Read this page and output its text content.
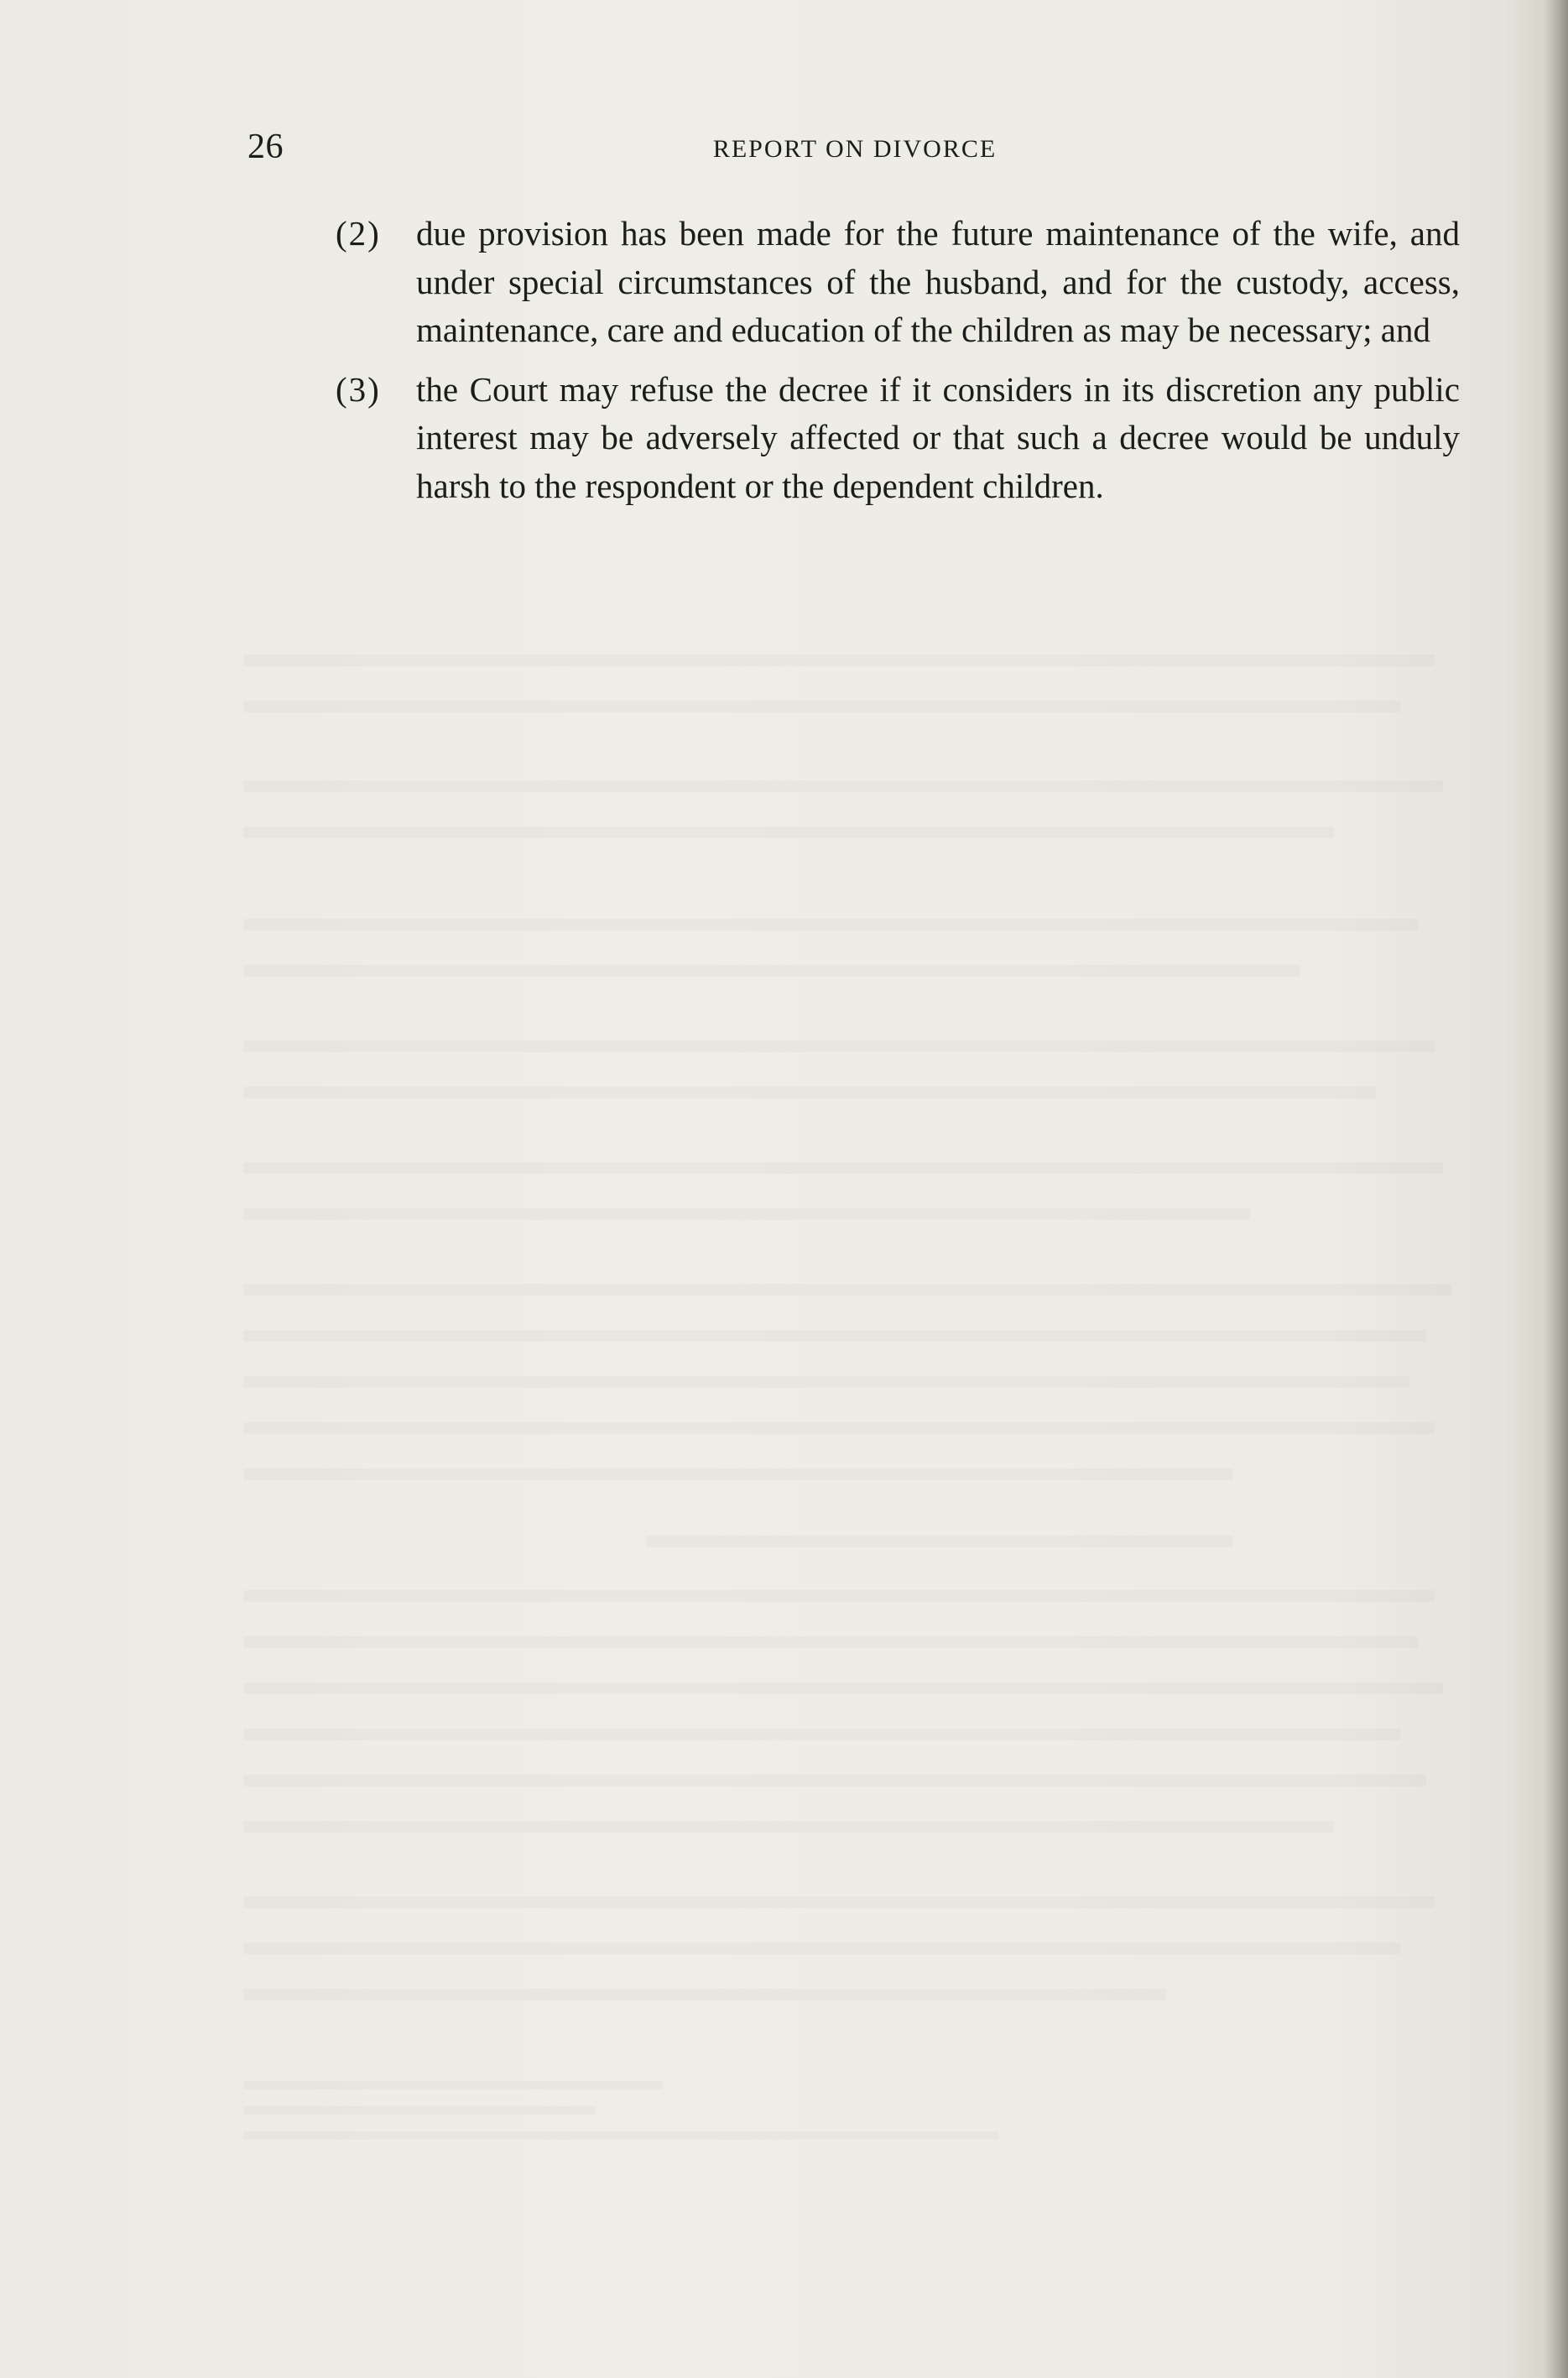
26	REPORT ON DIVORCE
(2) due provision has been made for the future maintenance of the wife, and under special circumstances of the husband, and for the custody, access, maintenance, care and education of the children as may be necessary; and
(3) the Court may refuse the decree if it considers in its discretion any public interest may be adversely affected or that such a decree would be unduly harsh to the respondent or the dependent children.
